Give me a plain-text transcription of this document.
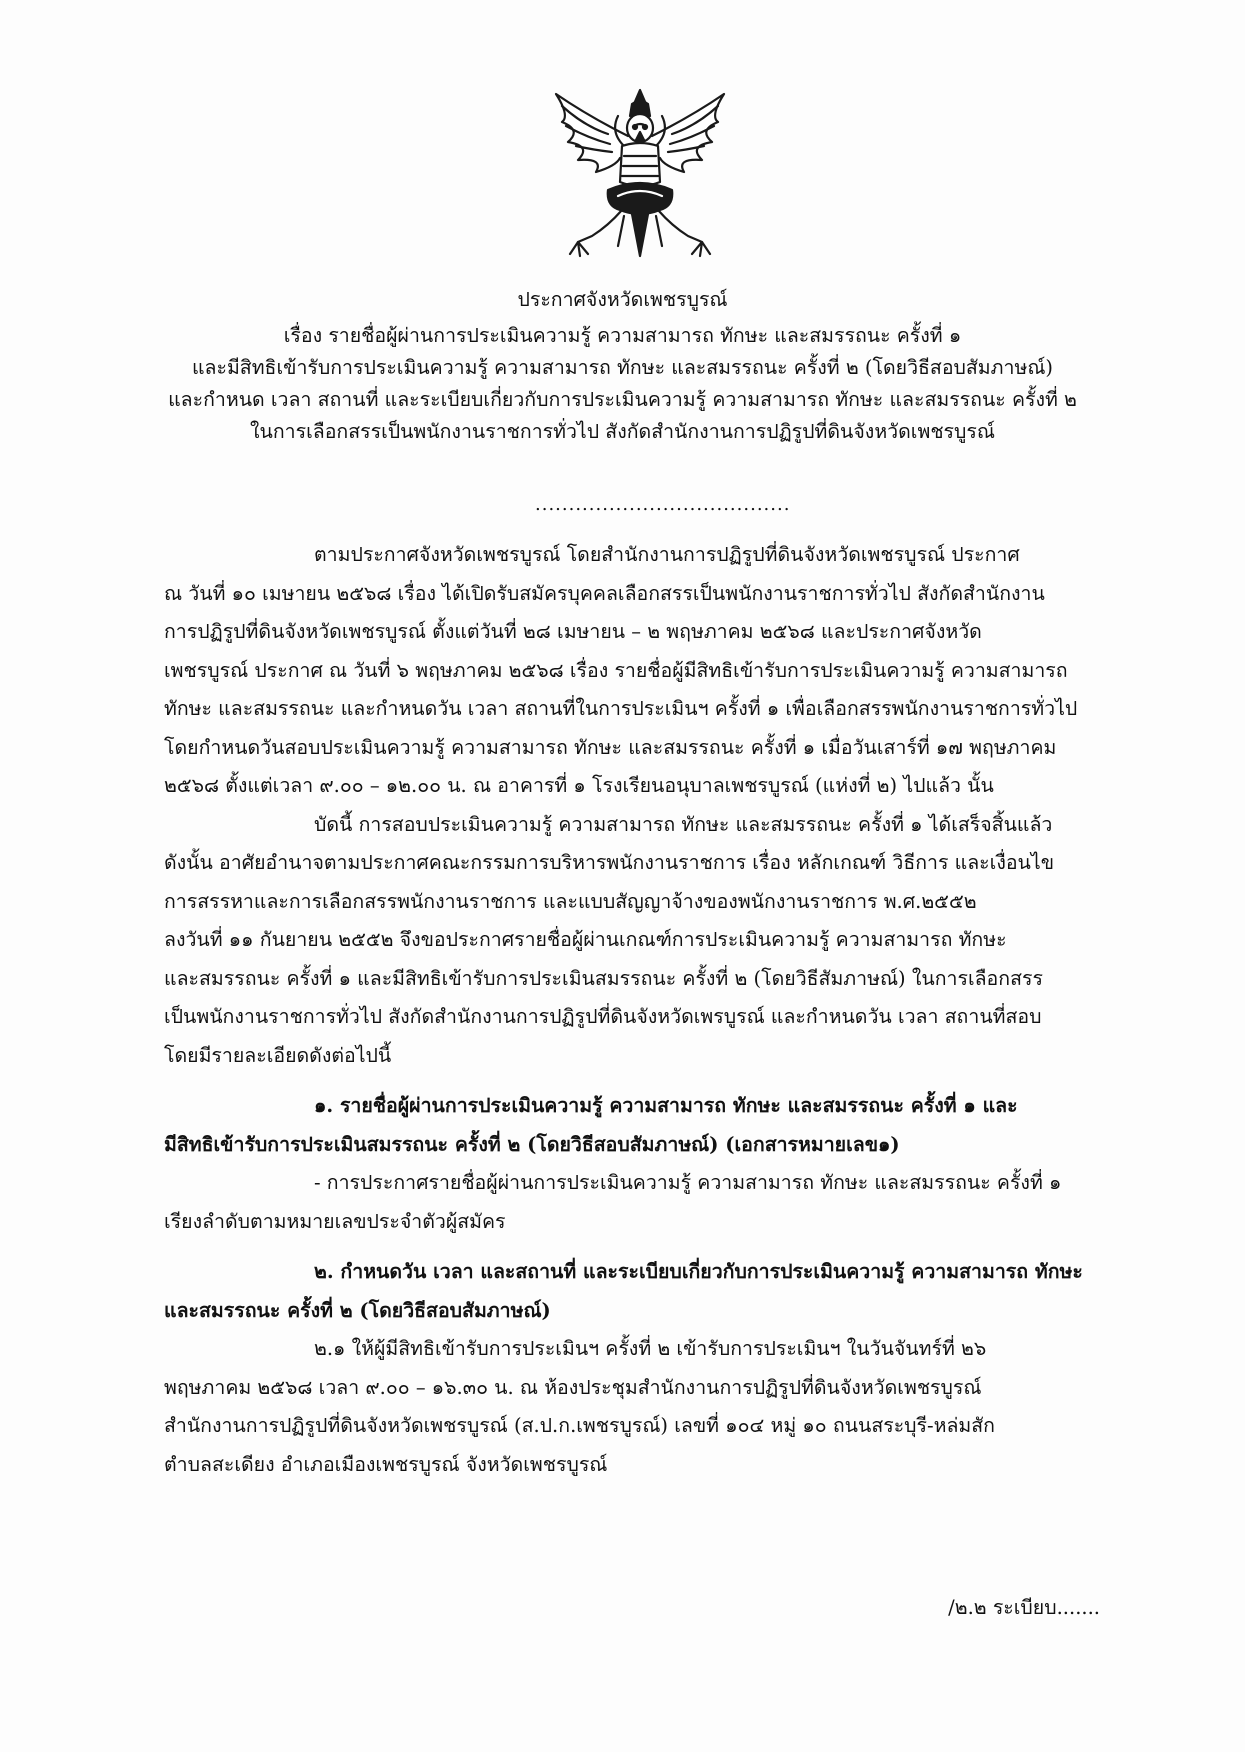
ประกาศจังหวัดเพชรบูรณ์
เรื่อง รายชื่อผู้ผ่านการประเมินความรู้ ความสามารถ ทักษะ และสมรรถนะ ครั้งที่ ๑
และมีสิทธิเข้ารับการประเมินความรู้ ความสามารถ ทักษะ และสมรรถนะ ครั้งที่ ๒ (โดยวิธีสอบสัมภาษณ์)
และกำหนด เวลา สถานที่ และระเบียบเกี่ยวกับการประเมินความรู้ ความสามารถ ทักษะ และสมรรถนะ ครั้งที่ ๒
ในการเลือกสรรเป็นพนักงานราชการทั่วไป สังกัดสำนักงานการปฏิรูปที่ดินจังหวัดเพชรบูรณ์
......................................
ตามประกาศจังหวัดเพชรบูรณ์ โดยสำนักงานการปฏิรูปที่ดินจังหวัดเพชรบูรณ์ ประกาศ
ณ วันที่ ๑๐ เมษายน ๒๕๖๘ เรื่อง ได้เปิดรับสมัครบุคคลเลือกสรรเป็นพนักงานราชการทั่วไป สังกัดสำนักงาน
การปฏิรูปที่ดินจังหวัดเพชรบูรณ์ ตั้งแต่วันที่ ๒๘ เมษายน – ๒ พฤษภาคม ๒๕๖๘ และประกาศจังหวัด
เพชรบูรณ์ ประกาศ ณ วันที่ ๖ พฤษภาคม ๒๕๖๘ เรื่อง รายชื่อผู้มีสิทธิเข้ารับการประเมินความรู้ ความสามารถ
ทักษะ และสมรรถนะ และกำหนดวัน เวลา สถานที่ในการประเมินฯ ครั้งที่ ๑ เพื่อเลือกสรรพนักงานราชการทั่วไป
โดยกำหนดวันสอบประเมินความรู้ ความสามารถ ทักษะ และสมรรถนะ ครั้งที่ ๑ เมื่อวันเสาร์ที่ ๑๗ พฤษภาคม
๒๕๖๘ ตั้งแต่เวลา ๙.๐๐ – ๑๒.๐๐ น. ณ อาคารที่ ๑ โรงเรียนอนุบาลเพชรบูรณ์ (แห่งที่ ๒) ไปแล้ว นั้น
บัดนี้ การสอบประเมินความรู้ ความสามารถ ทักษะ และสมรรถนะ ครั้งที่ ๑ ได้เสร็จสิ้นแล้ว
ดังนั้น อาศัยอำนาจตามประกาศคณะกรรมการบริหารพนักงานราชการ เรื่อง หลักเกณฑ์ วิธีการ และเงื่อนไข
การสรรหาและการเลือกสรรพนักงานราชการ และแบบสัญญาจ้างของพนักงานราชการ พ.ศ.๒๕๕๒
ลงวันที่ ๑๑ กันยายน ๒๕๕๒ จึงขอประกาศรายชื่อผู้ผ่านเกณฑ์การประเมินความรู้ ความสามารถ ทักษะ
และสมรรถนะ ครั้งที่ ๑ และมีสิทธิเข้ารับการประเมินสมรรถนะ ครั้งที่ ๒ (โดยวิธีสัมภาษณ์) ในการเลือกสรร
เป็นพนักงานราชการทั่วไป สังกัดสำนักงานการปฏิรูปที่ดินจังหวัดเพรบูรณ์ และกำหนดวัน เวลา สถานที่สอบ
โดยมีรายละเอียดดังต่อไปนี้
๑. รายชื่อผู้ผ่านการประเมินความรู้ ความสามารถ ทักษะ และสมรรถนะ ครั้งที่ ๑ และ
มีสิทธิเข้ารับการประเมินสมรรถนะ ครั้งที่ ๒ (โดยวิธีสอบสัมภาษณ์) (เอกสารหมายเลข๑)
- การประกาศรายชื่อผู้ผ่านการประเมินความรู้ ความสามารถ ทักษะ และสมรรถนะ ครั้งที่ ๑
เรียงลำดับตามหมายเลขประจำตัวผู้สมัคร
๒. กำหนดวัน เวลา และสถานที่ และระเบียบเกี่ยวกับการประเมินความรู้ ความสามารถ ทักษะ
และสมรรถนะ ครั้งที่ ๒ (โดยวิธีสอบสัมภาษณ์)
๒.๑ ให้ผู้มีสิทธิเข้ารับการประเมินฯ ครั้งที่ ๒ เข้ารับการประเมินฯ ในวันจันทร์ที่ ๒๖
พฤษภาคม ๒๕๖๘ เวลา ๙.๐๐ – ๑๖.๓๐ น. ณ ห้องประชุมสำนักงานการปฏิรูปที่ดินจังหวัดเพชรบูรณ์
สำนักงานการปฏิรูปที่ดินจังหวัดเพชรบูรณ์ (ส.ป.ก.เพชรบูรณ์) เลขที่ ๑๐๔ หมู่ ๑๐ ถนนสระบุรี-หล่มสัก
ตำบลสะเดียง อำเภอเมืองเพชรบูรณ์ จังหวัดเพชรบูรณ์
/๒.๒ ระเบียบ.......
